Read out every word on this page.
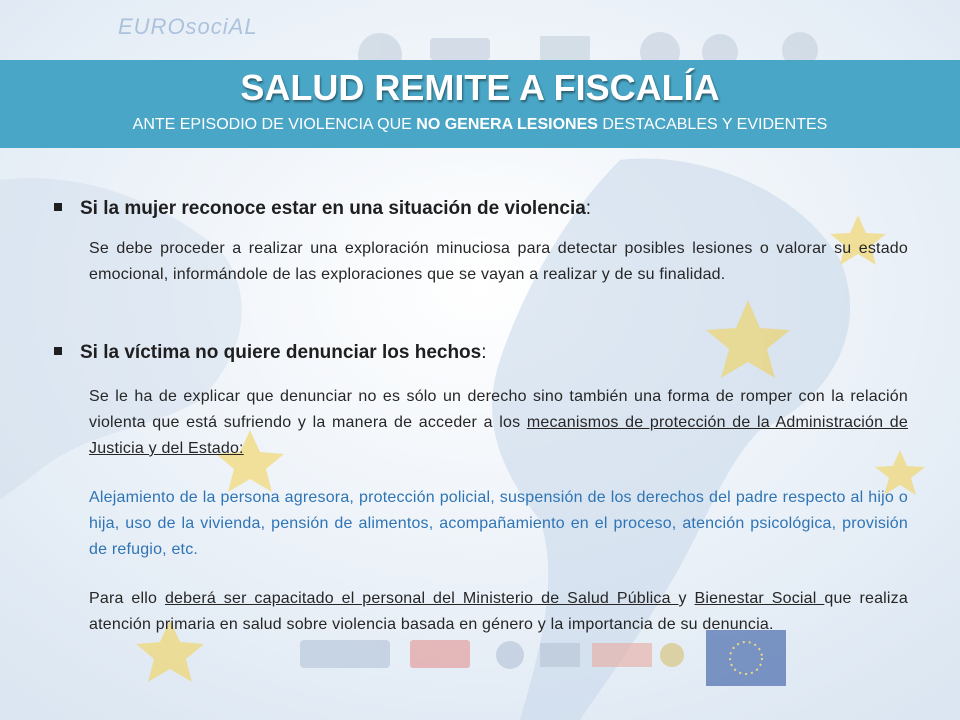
EUROsociAL
SALUD REMITE A FISCALÍA
ANTE EPISODIO DE VIOLENCIA QUE NO GENERA LESIONES DESTACABLES Y EVIDENTES
Si la mujer reconoce estar en una situación de violencia:
Se debe proceder a realizar una exploración minuciosa para detectar posibles lesiones o valorar su estado emocional, informándole de las exploraciones que se vayan a realizar y de su finalidad.
Si la víctima no quiere denunciar los hechos:
Se le ha de explicar que denunciar no es sólo un derecho sino también una forma de romper con la relación violenta que está sufriendo y la manera de acceder a los mecanismos de protección de la Administración de Justicia y del Estado:
Alejamiento de la persona agresora, protección policial, suspensión de los derechos del padre respecto al hijo o hija, uso de la vivienda, pensión de alimentos, acompañamiento en el proceso, atención psicológica, provisión de refugio, etc.
Para ello deberá ser capacitado el personal del Ministerio de Salud Pública y Bienestar Social que realiza atención primaria en salud sobre violencia basada en género y la importancia de su denuncia.
